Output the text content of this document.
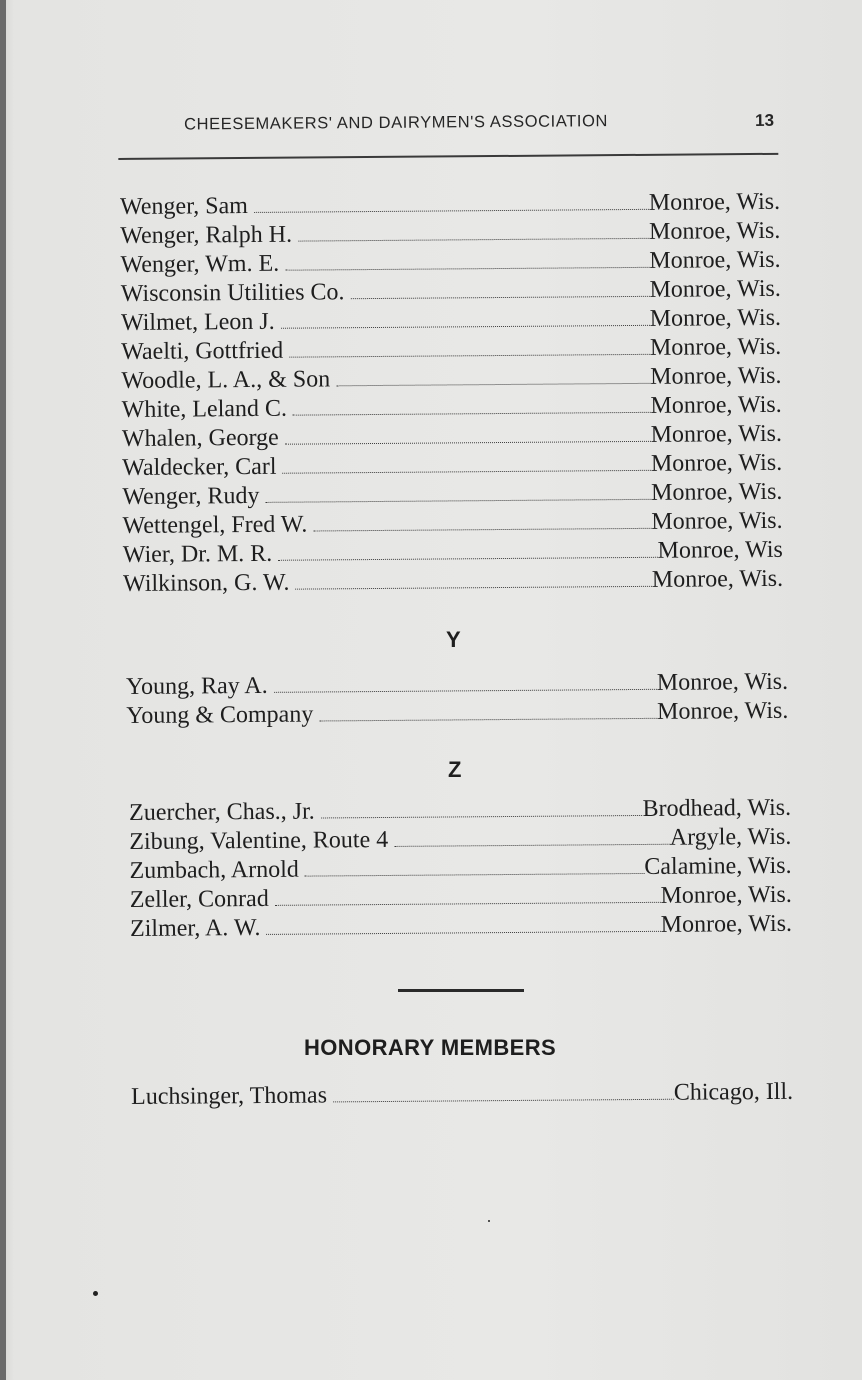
CHEESEMAKERS' AND DAIRYMEN'S ASSOCIATION	13
Wenger, Sam	Monroe, Wis.
Wenger, Ralph H.	Monroe, Wis.
Wenger, Wm. E.	Monroe, Wis.
Wisconsin Utilities Co.	Monroe, Wis.
Wilmet, Leon J.	Monroe, Wis.
Waelti, Gottfried	Monroe, Wis.
Woodle, L. A., & Son	Monroe, Wis.
White, Leland C.	Monroe, Wis.
Whalen, George	Monroe, Wis.
Waldecker, Carl	Monroe, Wis.
Wenger, Rudy	Monroe, Wis.
Wettengel, Fred W.	Monroe, Wis.
Wier, Dr. M. R.	Monroe, Wis
Wilkinson, G. W.	Monroe, Wis.
Y
Young, Ray A.	Monroe, Wis.
Young & Company	Monroe, Wis.
Z
Zuercher, Chas., Jr.	Brodhead, Wis.
Zibung, Valentine, Route 4	Argyle, Wis.
Zumbach, Arnold	Calamine, Wis.
Zeller, Conrad	Monroe, Wis.
Zilmer, A. W.	Monroe, Wis.
HONORARY MEMBERS
Luchsinger, Thomas	Chicago, Ill.
